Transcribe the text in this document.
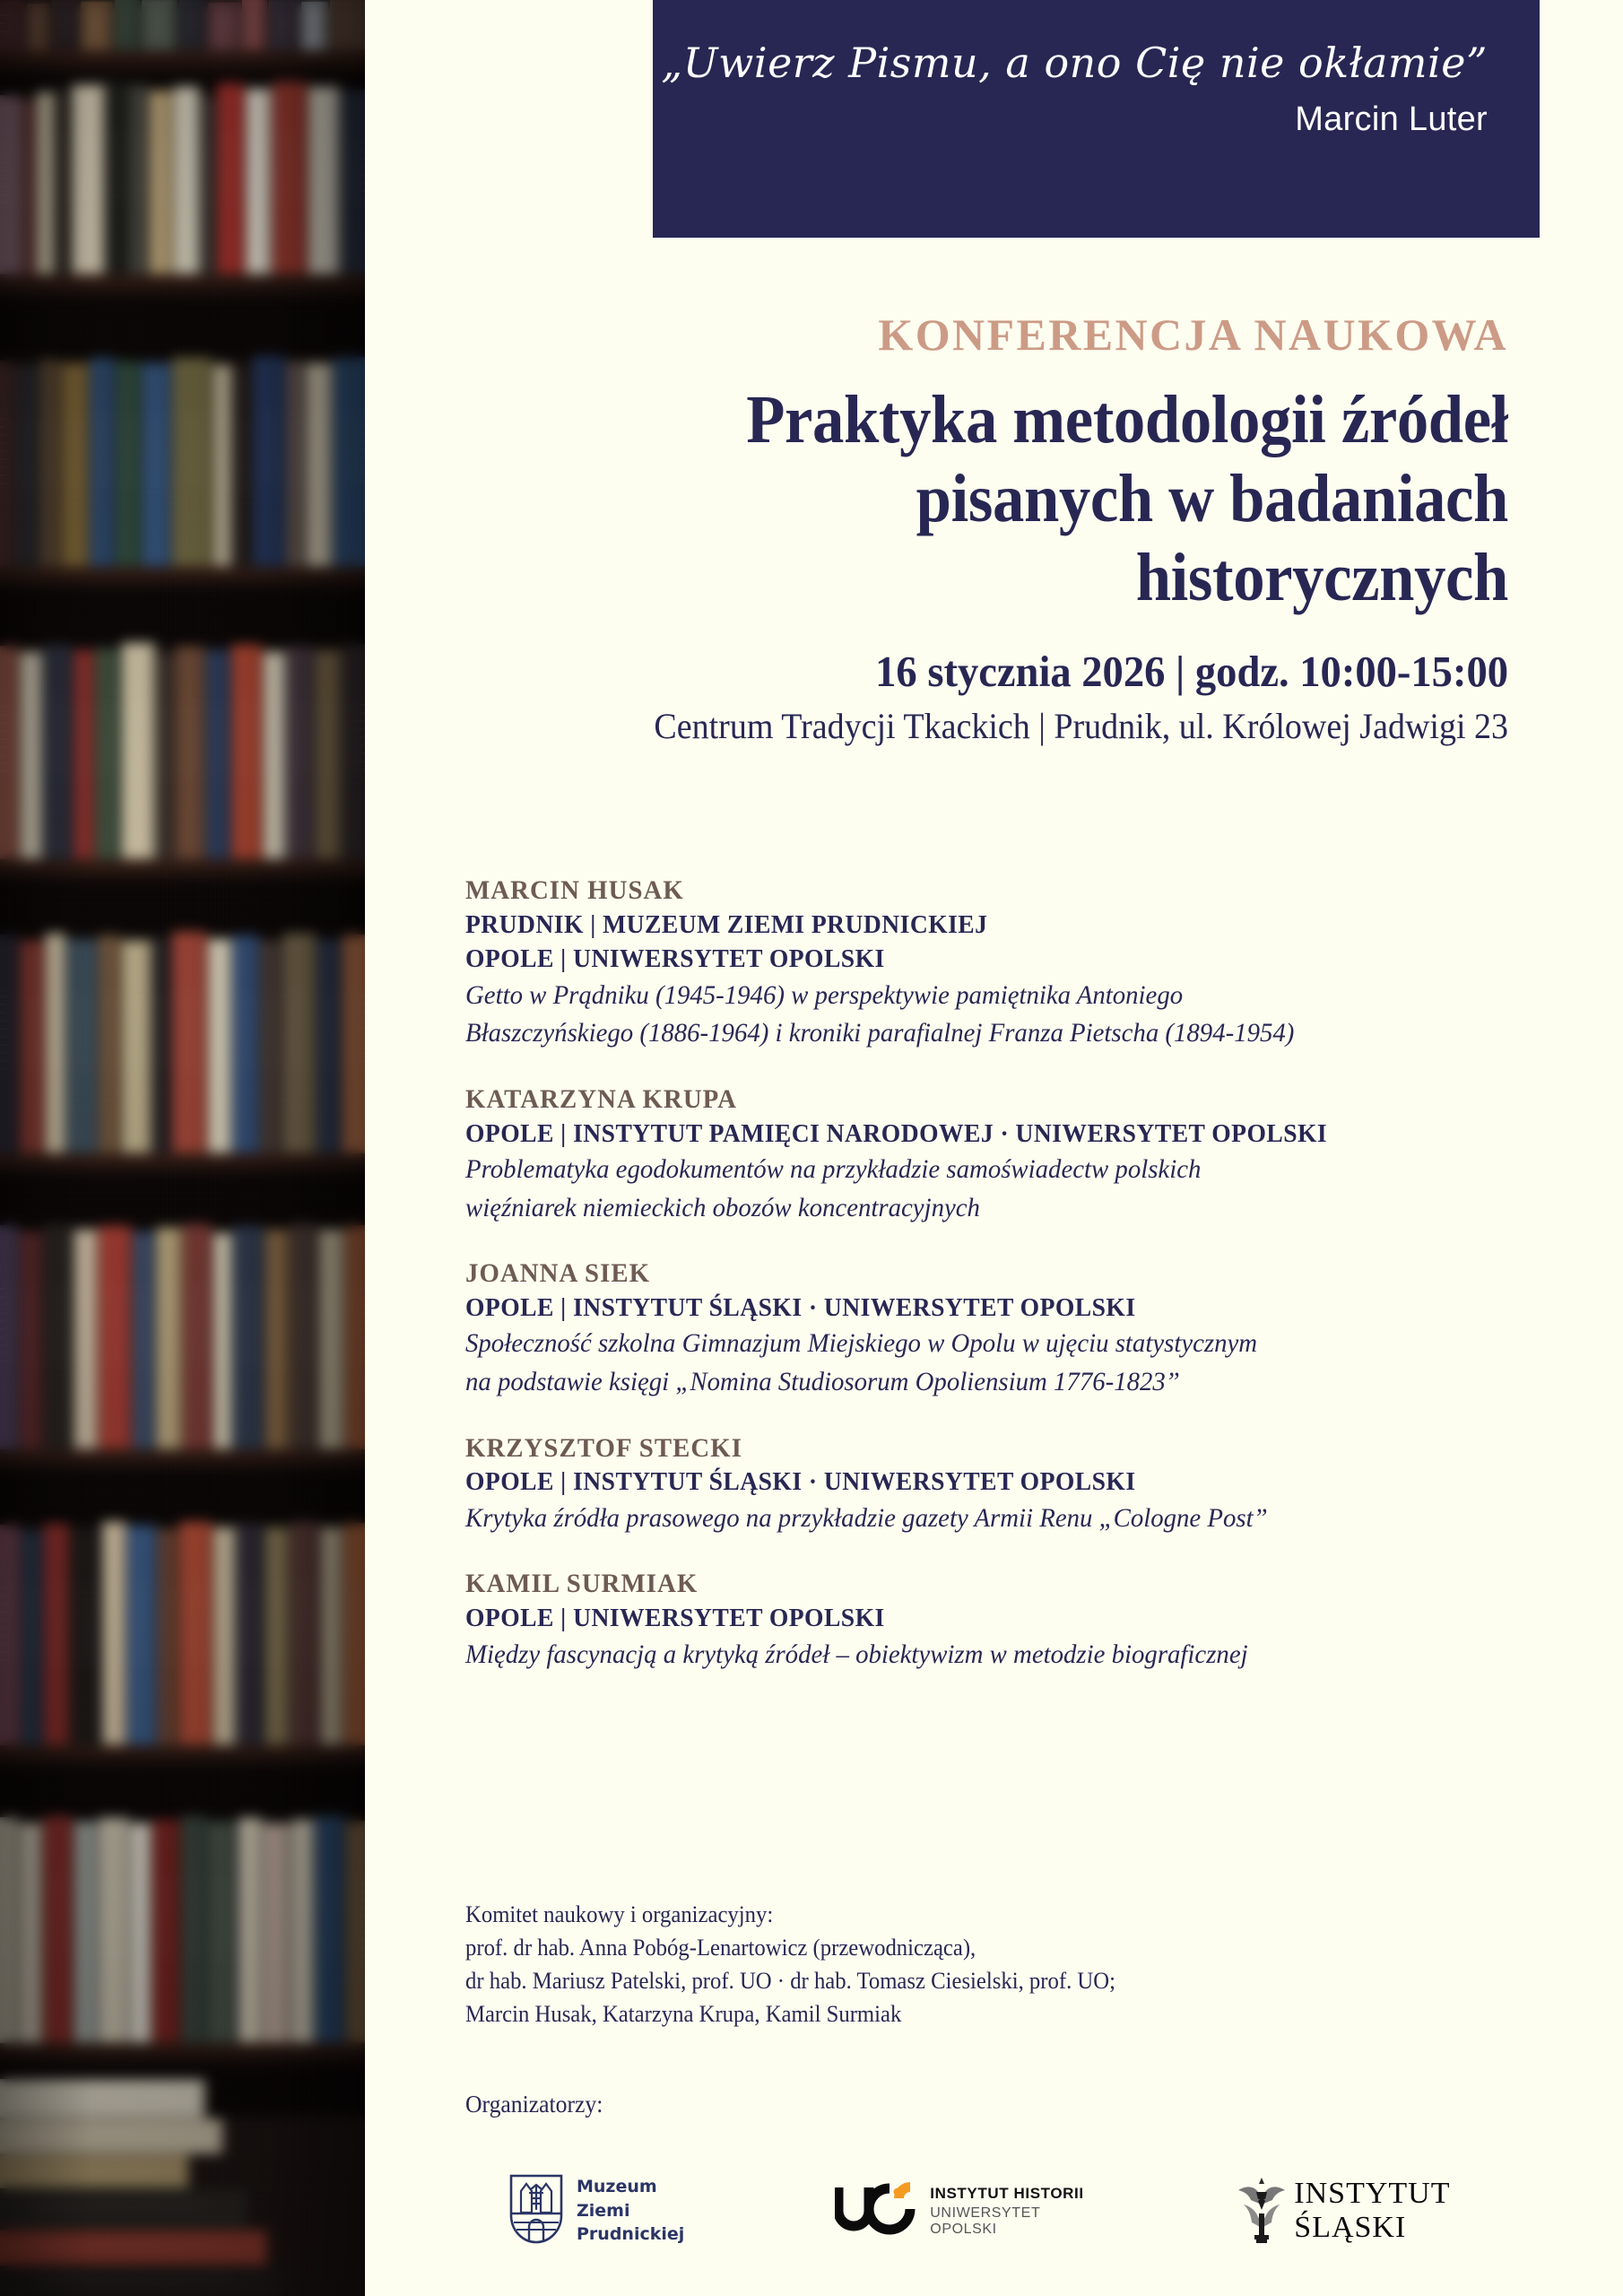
„Uwierz Pismu, a ono Cię nie okłamie”
Marcin Luter
KONFERENCJA NAUKOWA
Praktyka metodologii źródeł
pisanych w badaniach
historycznych
16 stycznia 2026 | godz. 10:00-15:00
Centrum Tradycji Tkackich | Prudnik, ul. Królowej Jadwigi 23
MARCIN HUSAK
PRUDNIK | MUZEUM ZIEMI PRUDNICKIEJ
OPOLE | UNIWERSYTET OPOLSKI
Getto w Prądniku (1945-1946) w perspektywie pamiętnika Antoniego
Błaszczyńskiego (1886-1964) i kroniki parafialnej Franza Pietscha (1894-1954)
KATARZYNA KRUPA
OPOLE | INSTYTUT PAMIĘCI NARODOWEJ · UNIWERSYTET OPOLSKI
Problematyka egodokumentów na przykładzie samoświadectw polskich
więźniarek niemieckich obozów koncentracyjnych
JOANNA SIEK
OPOLE | INSTYTUT ŚLĄSKI · UNIWERSYTET OPOLSKI
Społeczność szkolna Gimnazjum Miejskiego w Opolu w ujęciu statystycznym
na podstawie księgi „Nomina Studiosorum Opoliensium 1776-1823”
KRZYSZTOF STECKI
OPOLE | INSTYTUT ŚLĄSKI · UNIWERSYTET OPOLSKI
Krytyka źródła prasowego na przykładzie gazety Armii Renu „Cologne Post”
KAMIL SURMIAK
OPOLE | UNIWERSYTET OPOLSKI
Między fascynacją a krytyką źródeł – obiektywizm w metodzie biograficznej

Komitet naukowy i organizacyjny:

prof. dr hab. Anna Pobóg-Lenartowicz (przewodnicząca),

dr hab. Mariusz Patelski, prof. UO · dr hab. Tomasz Ciesielski, prof. UO;

Marcin Husak, Katarzyna Krupa, Kamil Surmiak

Organizatorzy:
Muzeum
Ziemi
Prudnickiej
INSTYTUT HISTORII
UNIWERSYTET OPOLSKI
INSTYTUT ŚLĄSKI
